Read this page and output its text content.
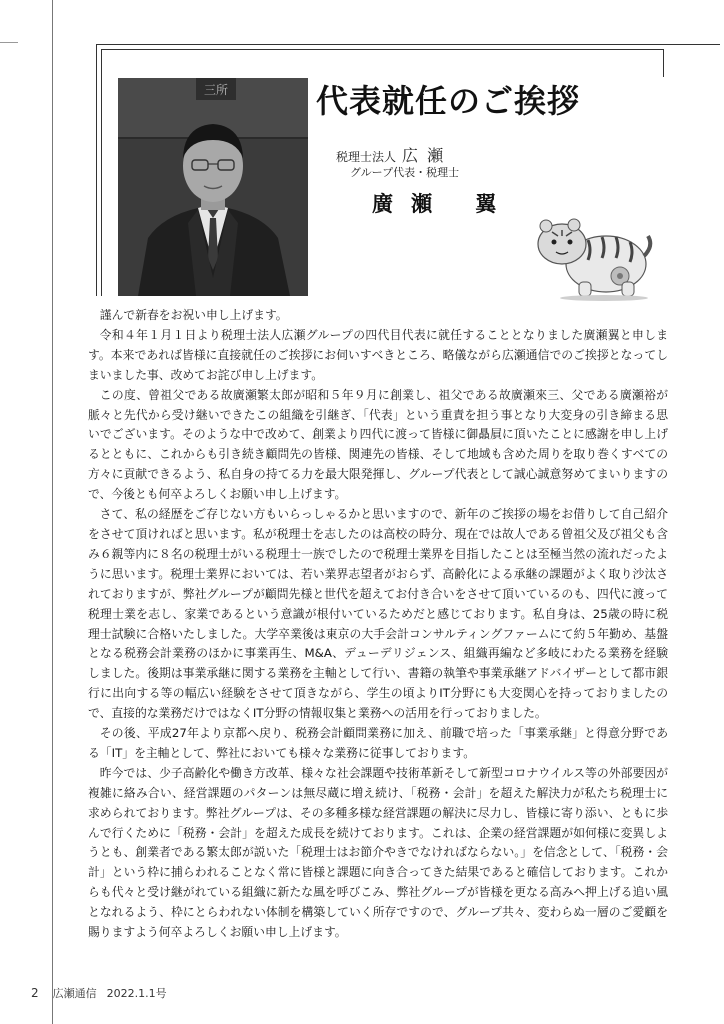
三所	代表就任のご挨拶
税理士法人 広 瀬
グループ代表・税理士
廣瀬 翼

謹んで新春をお祝い申し上げます。

令和４年１月１日より税理士法人広瀬グループの四代目代表に就任することとなりました廣瀬翼と申します。本来であれば皆様に直接就任のご挨拶にお伺いすべきところ、略儀ながら広瀬通信でのご挨拶となってしまいました事、改めてお詫び申し上げます。

この度、曾祖父である故廣瀬繁太郎が昭和５年９月に創業し、祖父である故廣瀬來三、父である廣瀬裕が脈々と先代から受け継いできたこの組織を引継ぎ、「代表」という重責を担う事となり大変身の引き締まる思いでございます。そのような中で改めて、創業より四代に渡って皆様に御贔屓に頂いたことに感謝を申し上げるとともに、これからも引き続き顧問先の皆様、関連先の皆様、そして地域も含めた周りを取り巻くすべての方々に貢献できるよう、私自身の持てる力を最大限発揮し、グループ代表として誠心誠意努めてまいりますので、今後とも何卒よろしくお願い申し上げます。

さて、私の経歴をご存じない方もいらっしゃるかと思いますので、新年のご挨拶の場をお借りして自己紹介をさせて頂ければと思います。私が税理士を志したのは高校の時分、現在では故人である曾祖父及び祖父も含み６親等内に８名の税理士がいる税理士一族でしたので税理士業界を目指したことは至極当然の流れだったように思います。税理士業界においては、若い業界志望者がおらず、高齢化による承継の課題がよく取り沙汰されておりますが、弊社グループが顧問先様と世代を超えてお付き合いをさせて頂いているのも、四代に渡って税理士業を志し、家業であるという意識が根付いているためだと感じております。私自身は、25歳の時に税理士試験に合格いたしました。大学卒業後は東京の大手会計コンサルティングファームにて約５年勤め、基盤となる税務会計業務のほかに事業再生、M&A、デューデリジェンス、組織再編など多岐にわたる業務を経験しました。後期は事業承継に関する業務を主軸として行い、書籍の執筆や事業承継アドバイザーとして都市銀行に出向する等の幅広い経験をさせて頂きながら、学生の頃よりIT分野にも大変関心を持っておりましたので、直接的な業務だけではなくIT分野の情報収集と業務への活用を行っておりました。

その後、平成27年より京都へ戻り、税務会計顧問業務に加え、前職で培った「事業承継」と得意分野である「IT」を主軸として、弊社においても様々な業務に従事しております。

昨今では、少子高齢化や働き方改革、様々な社会課題や技術革新そして新型コロナウイルス等の外部要因が複雑に絡み合い、経営課題のパターンは無尽蔵に増え続け、「税務・会計」を超えた解決力が私たち税理士に求められております。弊社グループは、その多種多様な経営課題の解決に尽力し、皆様に寄り添い、ともに歩んで行くために「税務・会計」を超えた成長を続けております。これは、企業の経営課題が如何様に変異しようとも、創業者である繁太郎が説いた「税理士はお節介やきでなければならない。」を信念として、「税務・会計」という枠に捕らわれることなく常に皆様と課題に向き合ってきた結果であると確信しております。これからも代々と受け継がれている組織に新たな風を呼びこみ、弊社グループが皆様を更なる高みへ押上げる追い風となれるよう、枠にとらわれない体制を構築していく所存ですので、グループ共々、変わらぬ一層のご愛顧を賜りますよう何卒よろしくお願い申し上げます。

2 広瀬通信 2022.1.1号
